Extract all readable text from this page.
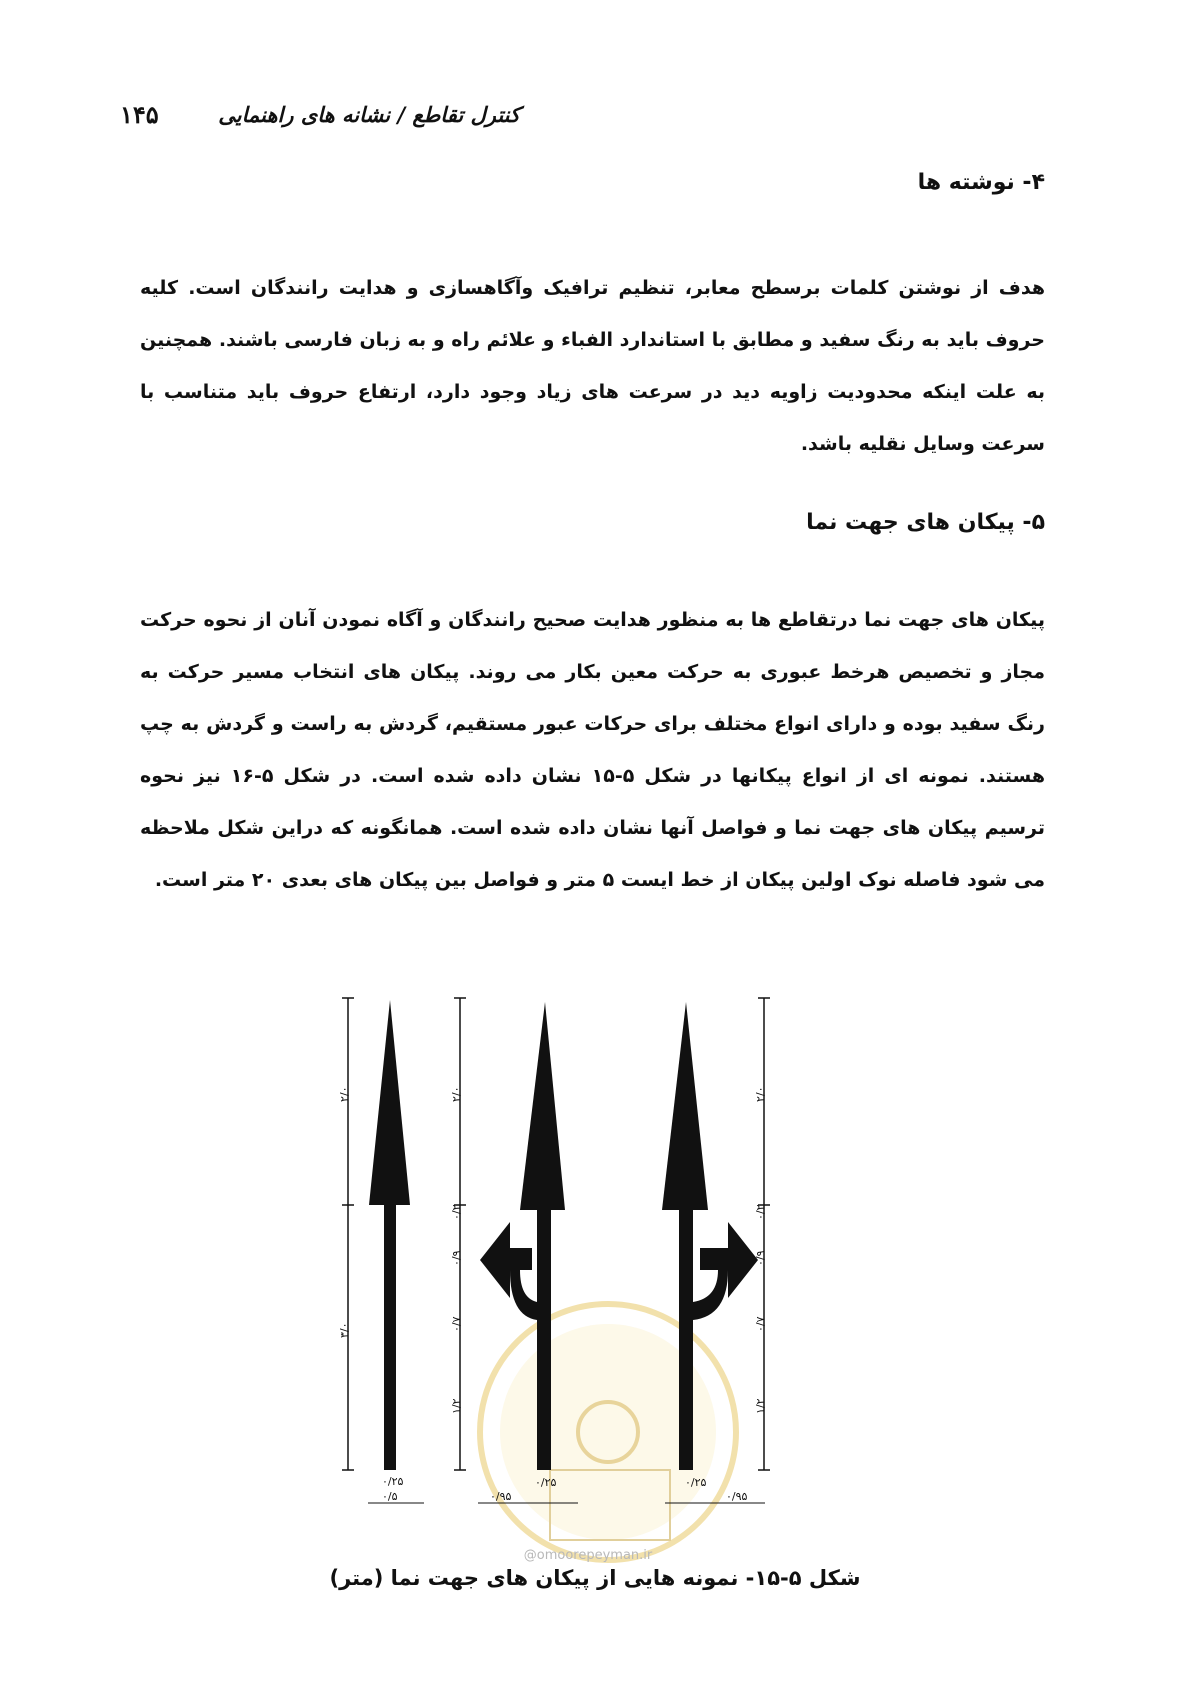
کنترل تقاطع / نشانه های راهنمایی
۱۴۵
۴- نوشته ها
هدف از نوشتن کلمات برسطح معابر، تنظیم ترافیک وآگاهسازی و هدایت رانندگان است. کلیه حروف باید به رنگ سفید و مطابق با استاندارد الفباء و علائم راه و به زبان فارسی باشند. همچنین به علت اینکه محدودیت زاویه دید در سرعت های زیاد وجود دارد، ارتفاع حروف باید متناسب با سرعت وسایل نقلیه باشد.
۵- پیکان های جهت نما
پیکان های جهت نما درتقاطع ها به منظور هدایت صحیح رانندگان و آگاه نمودن آنان از نحوه حرکت مجاز و تخصیص هرخط عبوری به حرکت معین بکار می روند. پیکان های انتخاب مسیر حرکت به رنگ سفید بوده و دارای انواع مختلف برای حرکات عبور مستقیم، گردش به راست و گردش به چپ هستند. نمونه ای از انواع پیکانها در شکل ۵-۱۵ نشان داده شده است. در شکل ۵-۱۶ نیز نحوه ترسیم پیکان های جهت نما و فواصل آنها نشان داده شده است. همانگونه که دراین شکل ملاحظه می شود فاصله نوک اولین پیکان از خط ایست ۵ متر و فواصل بین پیکان های بعدی ۲۰ متر است.
۲/۰
۳/۰
۰/۲۵
۰/۵
۲/۰
۰/۲
۰/۹
۰/۷
۱/۲
۰/۲۵
۰/۹۵
۲/۰
۰/۲
۰/۹
۰/۷
۱/۲
۰/۲۵
۰/۹۵
@omoorepeyman.ir
شکل ۵-۱۵- نمونه هایی از پیکان های جهت نما (متر)
